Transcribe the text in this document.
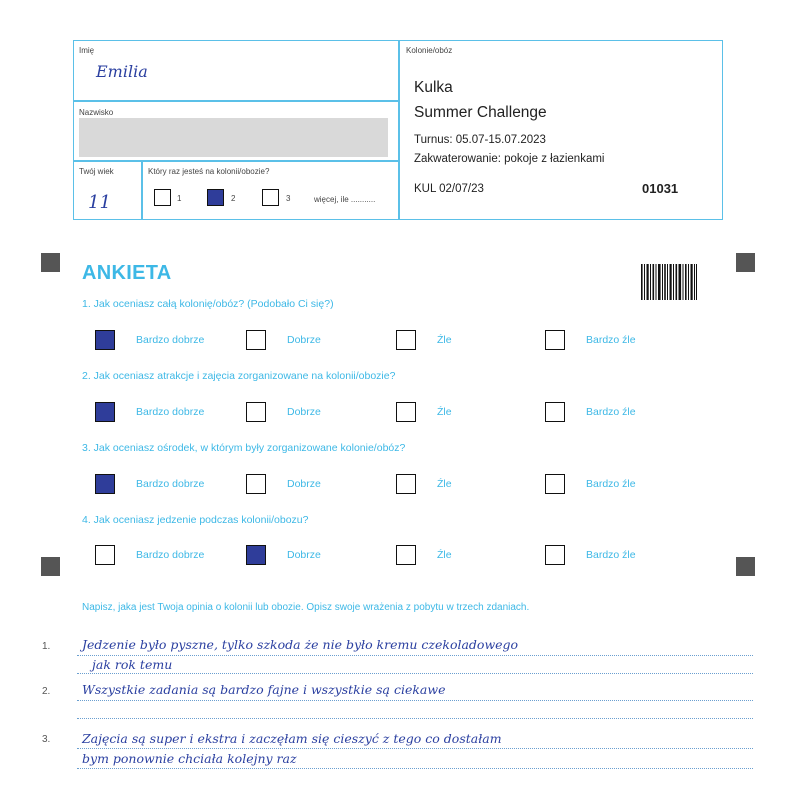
Imię
Emilia
Nazwisko
Twój wiek
11
Który raz jesteś na kolonii/obozie?
1	2	3	więcej, ile ...........
Kolonie/obóz
Kulka
Summer Challenge
Turnus: 05.07-15.07.2023
Zakwaterowanie: pokoje z łazienkami
KUL 02/07/23	01031
ANKIETA
1. Jak oceniasz całą kolonię/obóz? (Podobało Ci się?)
2. Jak oceniasz atrakcje i zajęcia zorganizowane na kolonii/obozie?
3. Jak oceniasz ośrodek, w którym były zorganizowane kolonie/obóz?
4. Jak oceniasz jedzenie podczas kolonii/obozu?
Bardzo dobrze	Dobrze	Źle	Bardzo źle
Bardzo dobrze	Dobrze	Źle	Bardzo źle
Bardzo dobrze	Dobrze	Źle	Bardzo źle
Bardzo dobrze	Dobrze	Źle	Bardzo źle
Napisz, jaka jest Twoja opinia o kolonii lub obozie. Opisz swoje wrażenia z pobytu w trzech zdaniach.
1.	Jedzenie było pyszne, tylko szkoda że nie było kremu czekoladowego
jak rok temu
2.	Wszystkie zadania są bardzo fajne i wszystkie są ciekawe
3.	Zajęcia są super i ekstra i zaczęłam się cieszyć z tego co dostałam
bym ponownie chciała kolejny raz
